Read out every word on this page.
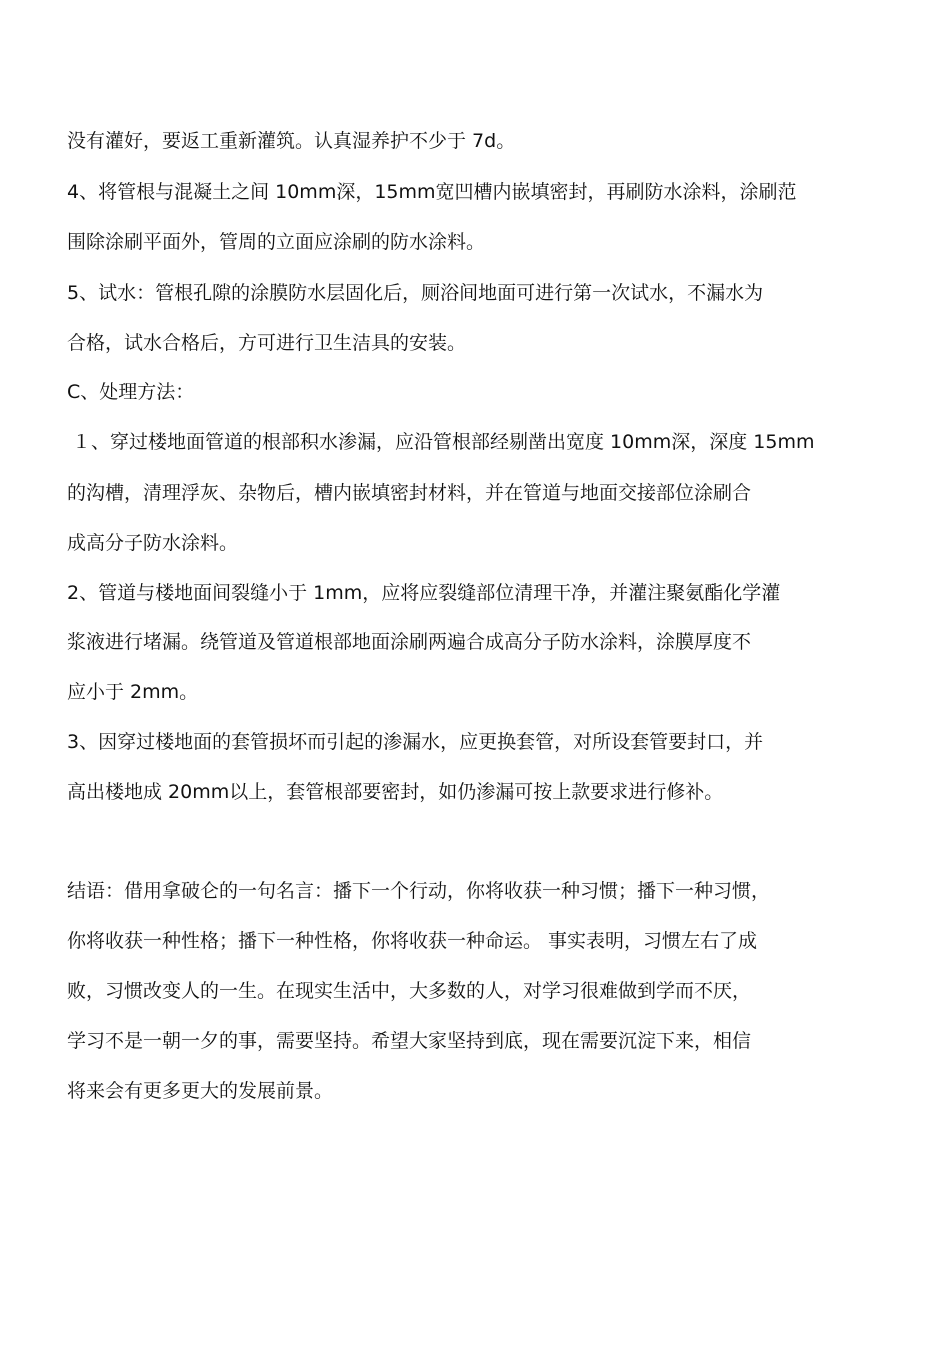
没有灌好，要返工重新灌筑。认真湿养护不少于 7d。
4、将管根与混凝土之间 10mm深，15mm宽凹槽内嵌填密封，再刷防水涂料，涂刷范
围除涂刷平面外，管周的立面应涂刷的防水涂料。
5、试水：管根孔隙的涂膜防水层固化后，厕浴间地面可进行第一次试水，不漏水为
合格，试水合格后，方可进行卫生洁具的安装。
C、处理方法：
１、穿过楼地面管道的根部积水渗漏，应沿管根部经剔凿出宽度 10mm深，深度 15mm
的沟槽，清理浮灰、杂物后，槽内嵌填密封材料，并在管道与地面交接部位涂刷合
成高分子防水涂料。
2、管道与楼地面间裂缝小于 1mm，应将应裂缝部位清理干净，并灌注聚氨酯化学灌
浆液进行堵漏。绕管道及管道根部地面涂刷两遍合成高分子防水涂料，涂膜厚度不
应小于 2mm。
3、因穿过楼地面的套管损坏而引起的渗漏水，应更换套管，对所设套管要封口，并
高出楼地成 20mm以上，套管根部要密封，如仍渗漏可按上款要求进行修补。
结语：借用拿破仑的一句名言：播下一个行动，你将收获一种习惯；播下一种习惯，
你将收获一种性格；播下一种性格，你将收获一种命运。 事实表明，习惯左右了成
败，习惯改变人的一生。在现实生活中，大多数的人，对学习很难做到学而不厌，
学习不是一朝一夕的事，需要坚持。希望大家坚持到底，现在需要沉淀下来，相信
将来会有更多更大的发展前景。
